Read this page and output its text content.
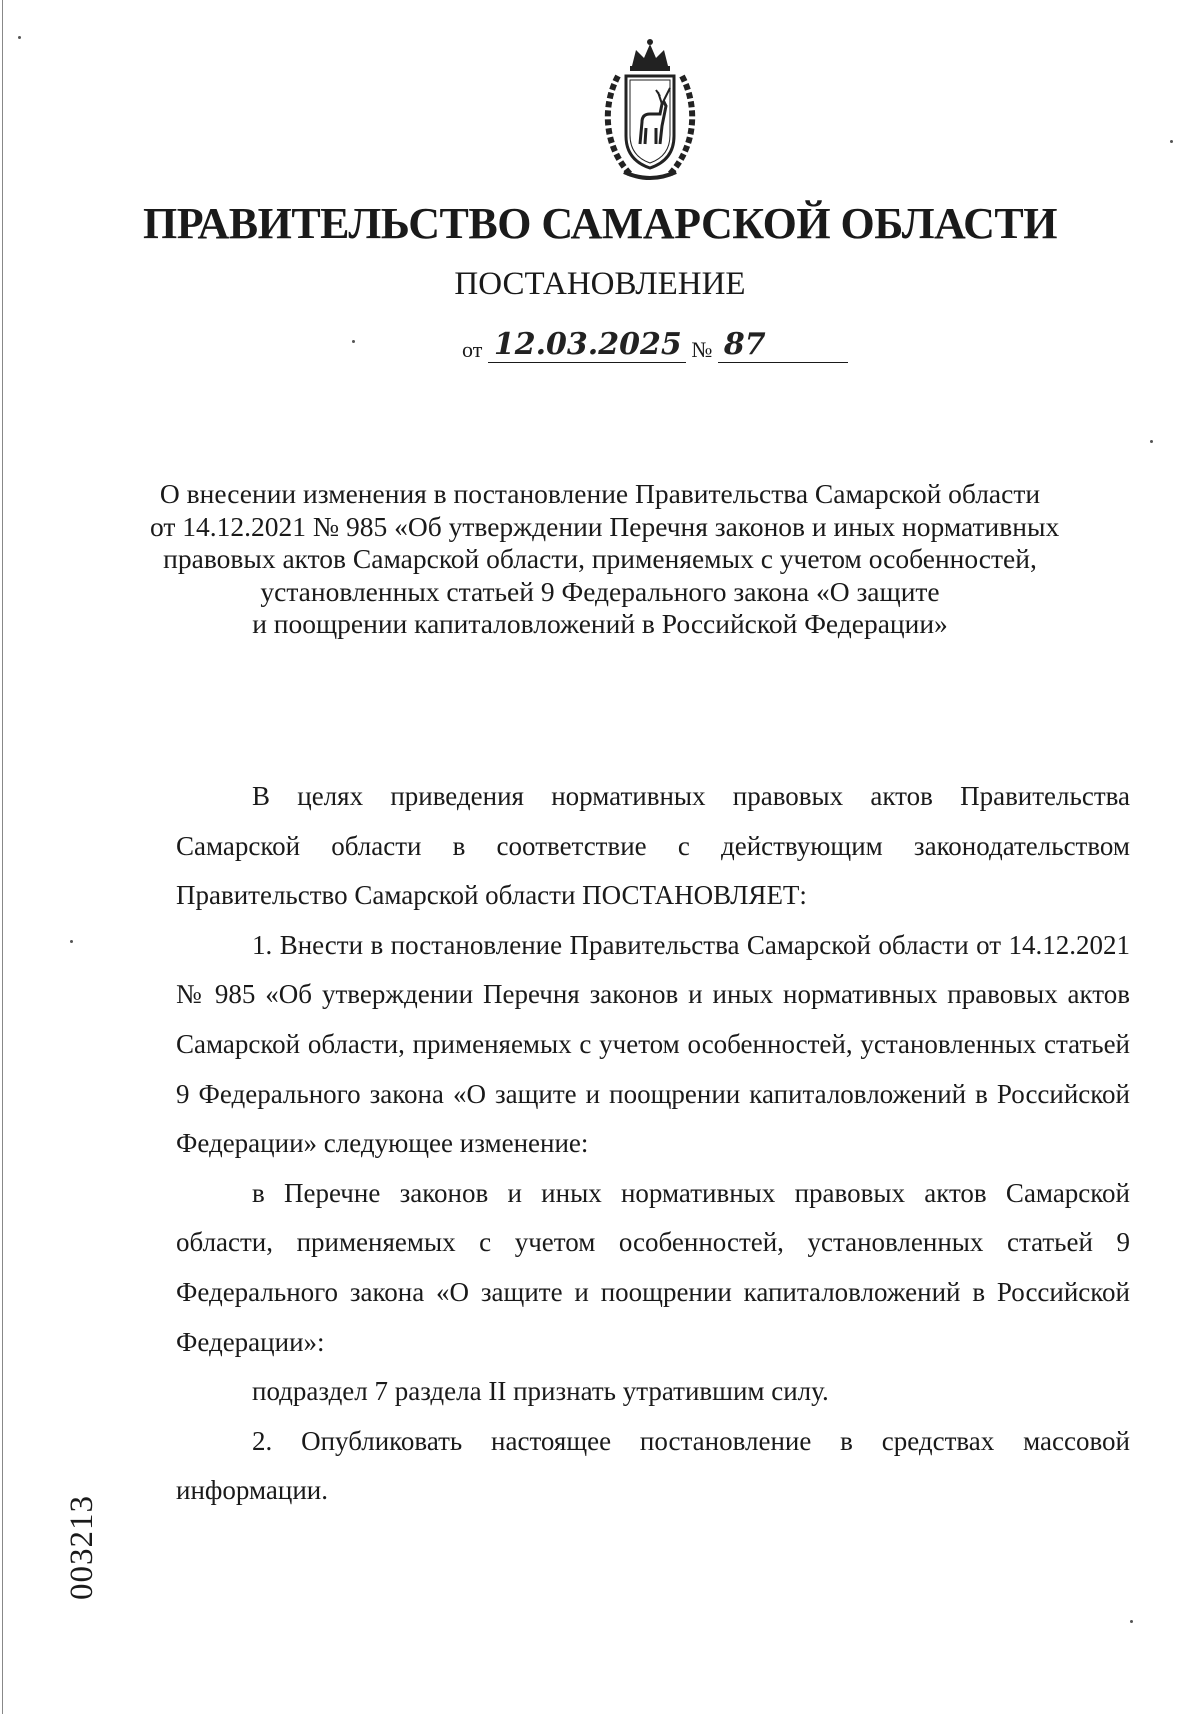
ПРАВИТЕЛЬСТВО САМАРСКОЙ ОБЛАСТИ
ПОСТАНОВЛЕНИЕ
от 12.03.2025 № 87
О внесении изменения в постановление Правительства Самарской области
от 14.12.2021 № 985 «Об утверждении Перечня законов и иных нормативных
правовых актов Самарской области, применяемых с учетом особенностей,
установленных статьей 9 Федерального закона «О защите
и поощрении капиталовложений в Российской Федерации»

В целях приведения нормативных правовых актов Правительства Самарской области в соответствие с действующим законодательством Правительство Самарской области ПОСТАНОВЛЯЕТ:

1. Внести в постановление Правительства Самарской области от 14.12.2021 № 985 «Об утверждении Перечня законов и иных нормативных правовых актов Самарской области, применяемых с учетом особенностей, установленных статьей 9 Федерального закона «О защите и поощрении капиталовложений в Российской Федерации» следующее изменение:

в Перечне законов и иных нормативных правовых актов Самарской области, применяемых с учетом особенностей, установленных статьей 9 Федерального закона «О защите и поощрении капиталовложений в Российской Федерации»:

подраздел 7 раздела II признать утратившим силу.

2. Опубликовать настоящее постановление в средствах массовой информации.

003213
